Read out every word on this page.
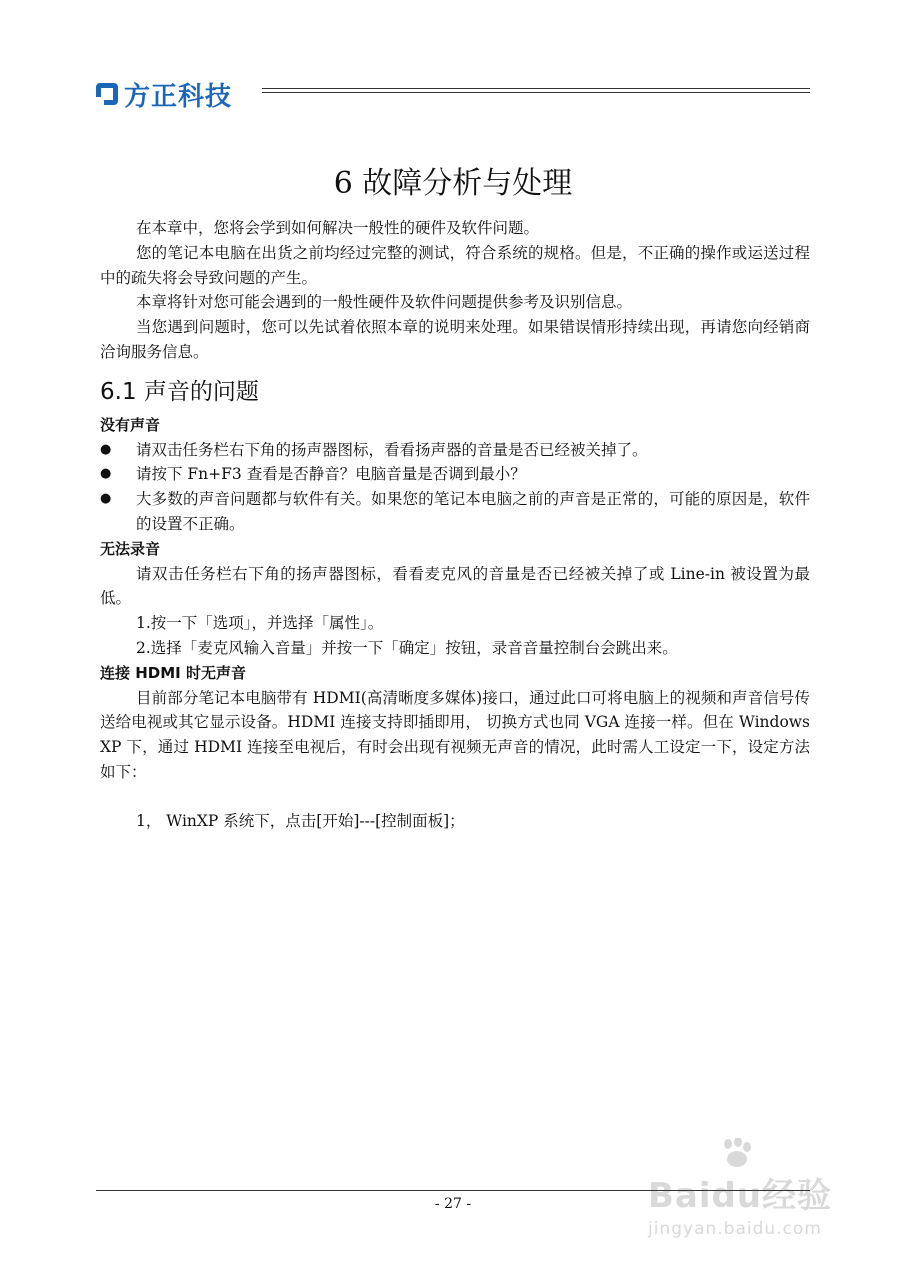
方正科技
6 故障分析与处理

在本章中，您将会学到如何解决一般性的硬件及软件问题。

您的笔记本电脑在出货之前均经过完整的测试，符合系统的规格。但是，不正确的操作或运送过程中的疏失将会导致问题的产生。

本章将针对您可能会遇到的一般性硬件及软件问题提供参考及识别信息。

当您遇到问题时，您可以先试着依照本章的说明来处理。如果错误情形持续出现，再请您向经销商洽询服务信息。

6.1 声音的问题

没有声音

● 请双击任务栏右下角的扬声器图标，看看扬声器的音量是否已经被关掉了。

● 请按下 Fn+F3 查看是否静音？电脑音量是否调到最小？

● 大多数的声音问题都与软件有关。如果您的笔记本电脑之前的声音是正常的，可能的原因是，软件的设置不正确。

无法录音

请双击任务栏右下角的扬声器图标，看看麦克风的音量是否已经被关掉了或 Line-in 被设置为最低。

1.按一下「选项」，并选择「属性」。

2.选择「麦克风输入音量」并按一下「确定」按钮，录音音量控制台会跳出来。

连接 HDMI 时无声音

目前部分笔记本电脑带有 HDMI(高清晰度多媒体)接口，通过此口可将电脑上的视频和声音信号传送给电视或其它显示设备。HDMI 连接支持即插即用， 切换方式也同 VGA 连接一样。但在 Windows XP 下，通过 HDMI 连接至电视后，有时会出现有视频无声音的情况，此时需人工设定一下，设定方法如下：

1， WinXP 系统下，点击[开始]---[控制面板]；

Baidu经验
jingyan.baidu.com
- 27 -
